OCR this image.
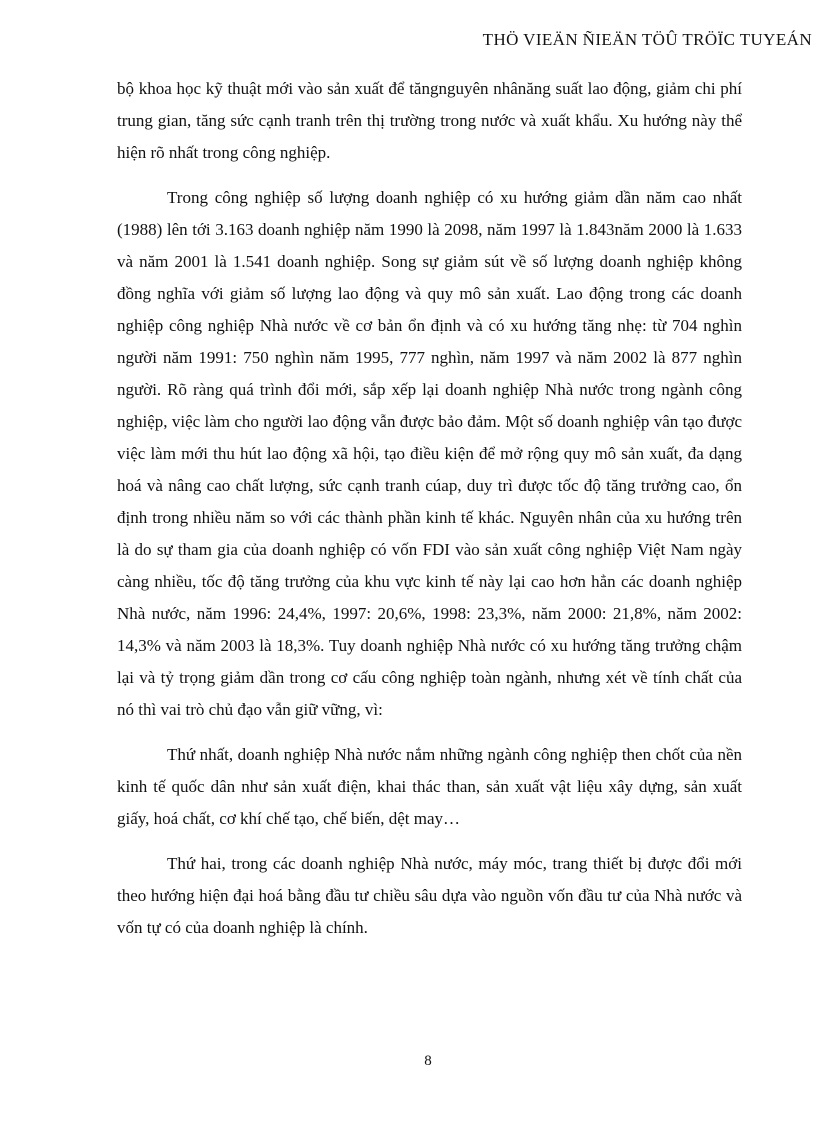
THÖ VIEÄN ÑIEÄN TÖÛ TRÖÏC TUYEÁN

bộ khoa học kỹ thuật mới vào sản xuất để tăngnguyên nhânăng suất lao động, giảm chi phí trung gian, tăng sức cạnh tranh trên thị trường trong nước và xuất khẩu. Xu hướng này thể hiện rõ nhất trong công nghiệp.

Trong công nghiệp số lượng doanh nghiệp có xu hướng giảm dần năm cao nhất (1988) lên tới 3.163 doanh nghiệp năm 1990 là 2098, năm 1997 là 1.843năm 2000 là 1.633 và năm 2001 là 1.541 doanh nghiệp. Song sự giảm sút về số lượng doanh nghiệp không đồng nghĩa với giảm số lượng lao động và quy mô sản xuất. Lao động trong các doanh nghiệp công nghiệp Nhà nước về cơ bản ổn định và có xu hướng tăng nhẹ: từ 704 nghìn người năm 1991: 750 nghìn năm 1995, 777 nghìn, năm 1997 và năm 2002 là 877 nghìn người. Rõ ràng quá trình đổi mới, sắp xếp lại doanh nghiệp Nhà nước trong ngành công nghiệp, việc làm cho người lao động vẫn được bảo đảm. Một số doanh nghiệp vân tạo được việc làm mới thu hút lao động xã hội, tạo điều kiện để mở rộng quy mô sản xuất, đa dạng hoá và nâng cao chất lượng, sức cạnh tranh cúap, duy trì được tốc độ tăng trưởng cao, ổn định trong nhiều năm so với các thành phần kinh tế khác. Nguyên nhân của xu hướng trên là do sự tham gia của doanh nghiệp có vốn FDI vào sản xuất công nghiệp Việt Nam ngày càng nhiều, tốc độ tăng trưởng của khu vực kinh tế này lại cao hơn hẳn các doanh nghiệp Nhà nước, năm 1996: 24,4%, 1997: 20,6%, 1998: 23,3%, năm 2000: 21,8%, năm 2002: 14,3% và năm 2003 là 18,3%. Tuy doanh nghiệp Nhà nước có xu hướng tăng trưởng chậm lại và tỷ trọng giảm dần trong cơ cấu công nghiệp toàn ngành, nhưng xét về tính chất của nó thì vai trò chủ đạo vẫn giữ vững, vì:

Thứ nhất, doanh nghiệp Nhà nước nắm những ngành công nghiệp then chốt của nền kinh tế quốc dân như sản xuất điện, khai thác than, sản xuất vật liệu xây dựng, sản xuất giấy, hoá chất, cơ khí chế tạo, chế biến, dệt may…

Thứ hai, trong các doanh nghiệp Nhà nước, máy móc, trang thiết bị được đổi mới theo hướng hiện đại hoá bằng đầu tư chiều sâu dựa vào nguồn vốn đầu tư của Nhà nước và vốn tự có của doanh nghiệp là chính.

8
